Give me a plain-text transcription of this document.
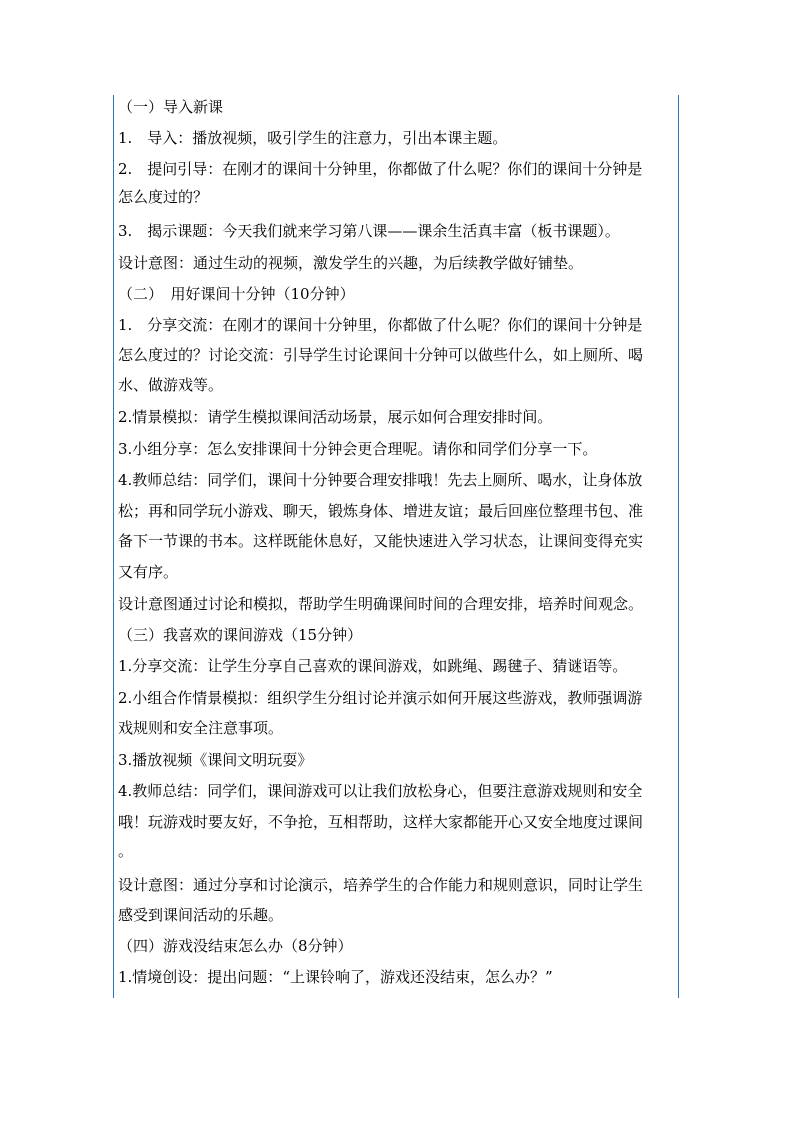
（一）导入新课
1.　导入：播放视频，吸引学生的注意力，引出本课主题。
2.　提问引导：在刚才的课间十分钟里，你都做了什么呢？你们的课间十分钟是
怎么度过的？
3.　揭示课题：今天我们就来学习第八课——课余生活真丰富（板书课题）。
设计意图：通过生动的视频，激发学生的兴趣，为后续教学做好铺垫。
（二）　用好课间十分钟（10分钟）
1.　分享交流：在刚才的课间十分钟里，你都做了什么呢？你们的课间十分钟是
怎么度过的？讨论交流：引导学生讨论课间十分钟可以做些什么，如上厕所、喝
水、做游戏等。
2.情景模拟：请学生模拟课间活动场景，展示如何合理安排时间。
3.小组分享：怎么安排课间十分钟会更合理呢。请你和同学们分享一下。
4.教师总结：同学们，课间十分钟要合理安排哦！先去上厕所、喝水，让身体放
松；再和同学玩小游戏、聊天，锻炼身体、增进友谊；最后回座位整理书包、准
备下一节课的书本。这样既能休息好，又能快速进入学习状态，让课间变得充实
又有序。
设计意图通过讨论和模拟，帮助学生明确课间时间的合理安排，培养时间观念。
（三）我喜欢的课间游戏（15分钟）
1.分享交流：让学生分享自己喜欢的课间游戏，如跳绳、踢毽子、猜谜语等。
2.小组合作情景模拟：组织学生分组讨论并演示如何开展这些游戏，教师强调游
戏规则和安全注意事项。
3.播放视频《课间文明玩耍》
4.教师总结：同学们，课间游戏可以让我们放松身心，但要注意游戏规则和安全
哦！玩游戏时要友好，不争抢，互相帮助，这样大家都能开心又安全地度过课间
。
设计意图：通过分享和讨论演示，培养学生的合作能力和规则意识，同时让学生
感受到课间活动的乐趣。
（四）游戏没结束怎么办（8分钟）
1.情境创设：提出问题：“上课铃响了，游戏还没结束，怎么办？”
